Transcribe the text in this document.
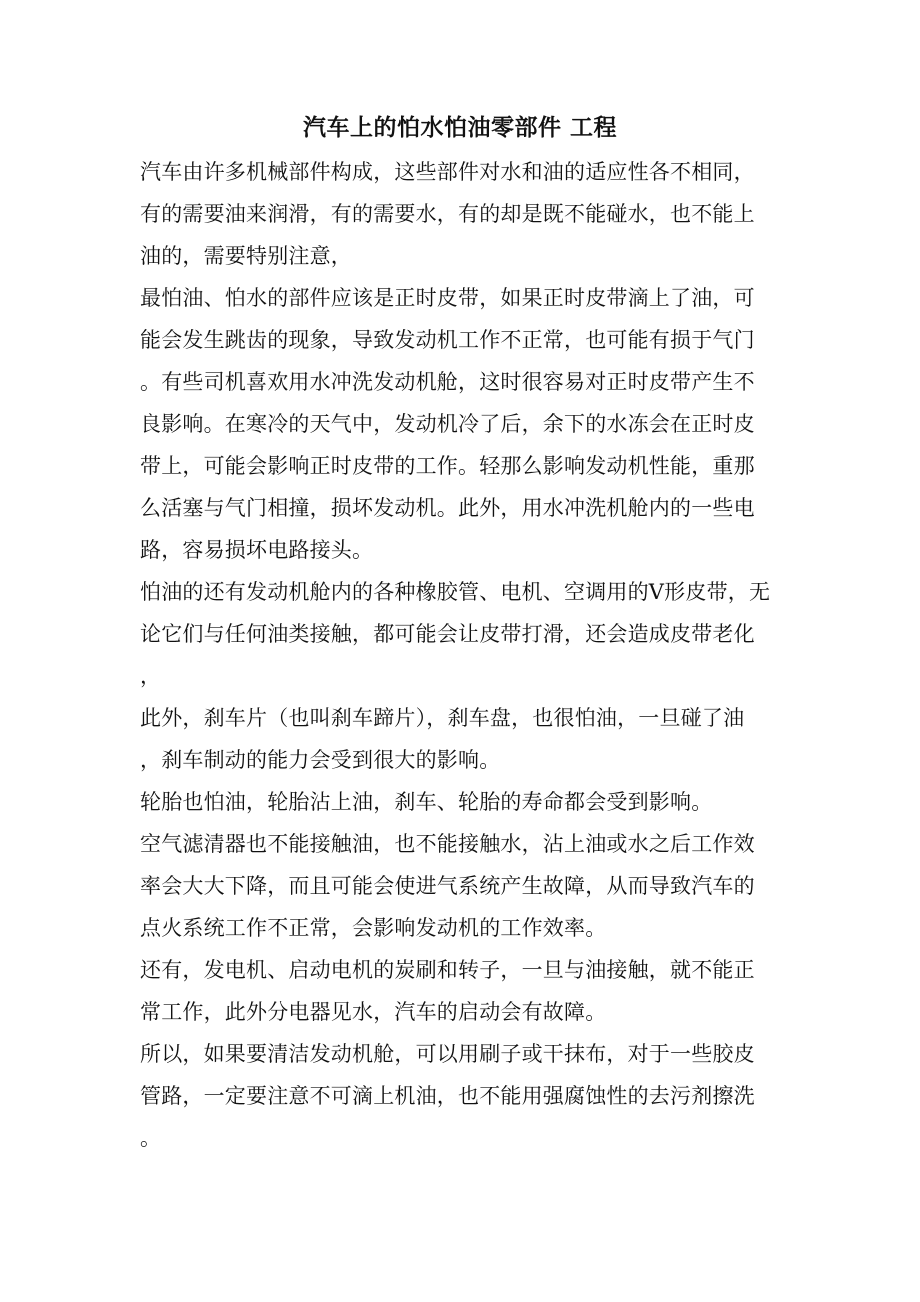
汽车上的怕水怕油零部件 工程
汽车由许多机械部件构成，这些部件对水和油的适应性各不相同，
有的需要油来润滑，有的需要水，有的却是既不能碰水，也不能上
油的，需要特别注意，
最怕油、怕水的部件应该是正时皮带，如果正时皮带滴上了油，可
能会发生跳齿的现象，导致发动机工作不正常，也可能有损于气门
。有些司机喜欢用水冲洗发动机舱，这时很容易对正时皮带产生不
良影响。在寒冷的天气中，发动机冷了后，余下的水冻会在正时皮
带上，可能会影响正时皮带的工作。轻那么影响发动机性能，重那
么活塞与气门相撞，损坏发动机。此外，用水冲洗机舱内的一些电
路，容易损坏电路接头。
怕油的还有发动机舱内的各种橡胶管、电机、空调用的V形皮带，无
论它们与任何油类接触，都可能会让皮带打滑，还会造成皮带老化
，
此外，刹车片（也叫刹车蹄片），刹车盘，也很怕油，一旦碰了油
，刹车制动的能力会受到很大的影响。
轮胎也怕油，轮胎沾上油，刹车、轮胎的寿命都会受到影响。
空气滤清器也不能接触油，也不能接触水，沾上油或水之后工作效
率会大大下降，而且可能会使进气系统产生故障，从而导致汽车的
点火系统工作不正常，会影响发动机的工作效率。
还有，发电机、启动电机的炭刷和转子，一旦与油接触，就不能正
常工作，此外分电器见水，汽车的启动会有故障。
所以，如果要清洁发动机舱，可以用刷子或干抹布，对于一些胶皮
管路，一定要注意不可滴上机油，也不能用强腐蚀性的去污剂擦洗
。
